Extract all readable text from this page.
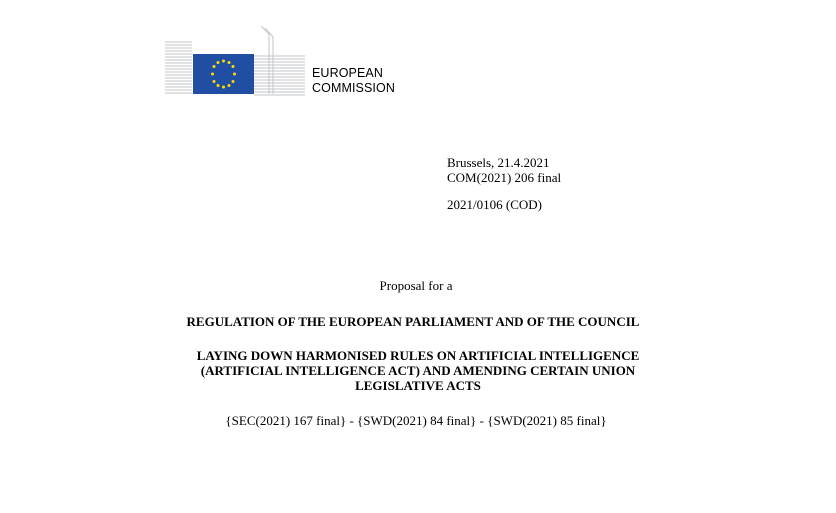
EUROPEAN
COMMISSION
Brussels, 21.4.2021
COM(2021) 206 final
2021/0106 (COD)
Proposal for a
REGULATION OF THE EUROPEAN PARLIAMENT AND OF THE COUNCIL
LAYING DOWN HARMONISED RULES ON ARTIFICIAL INTELLIGENCE
(ARTIFICIAL INTELLIGENCE ACT) AND AMENDING CERTAIN UNION
LEGISLATIVE ACTS
{SEC(2021) 167 final} - {SWD(2021) 84 final} - {SWD(2021) 85 final}
